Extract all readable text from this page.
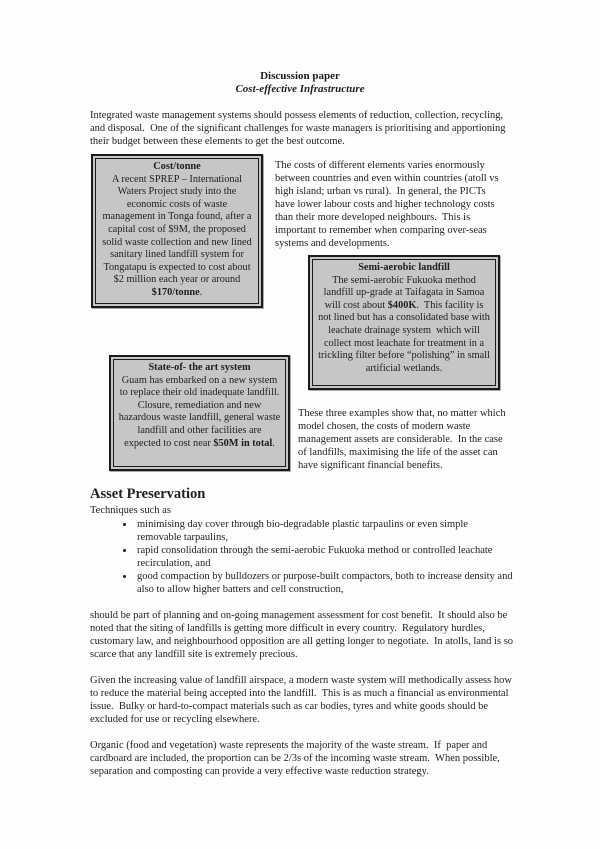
Discussion paper
Cost-effective Infrastructure

Integrated waste management systems should possess elements of reduction, collection, recycling, and disposal.  One of the significant challenges for waste managers is prioritising and apportioning their budget between these elements to get the best outcome.

Cost/tonne
A recent SPREP – International Waters Project study into the economic costs of waste management in Tonga found, after a capital cost of $9M, the proposed solid waste collection and new lined sanitary lined landfill system for Tongatapu is expected to cost about $2 million each year or around $170/tonne.
The costs of different elements varies enormously between countries and even within countries (atoll vs high island; urban vs rural).  In general, the PICTs have lower labour costs and higher technology costs than their more developed neighbours.  This is important to remember when comparing over-seas systems and developments.
Semi-aerobic landfill
The semi-aerobic Fukuoka method landfill up-grade at Taifagata in Samoa will cost about $400K.  This facility is not lined but has a consolidated base with leachate drainage system  which will collect most leachate for treatment in a trickling filter before “polishing” in small artificial wetlands.
State-of- the art system
Guam has embarked on a new system to replace their old inadequate landfill. Closure, remediation and new hazardous waste landfill, general waste landfill and other facilities are expected to cost near $50M in total.
These three examples show that, no matter which model chosen, the costs of modern waste management assets are considerable.  In the case of landfills, maximising the life of the asset can have significant financial benefits.
Asset Preservation
Techniques such as
• minimising day cover through bio-degradable plastic tarpaulins or even simple removable tarpaulins,
• rapid consolidation through the semi-aerobic Fukuoka method or controlled leachate recirculation, and
• good compaction by bulldozers or purpose-built compactors, both to increase density and also to allow higher batters and cell construction,

should be part of planning and on-going management assessment for cost benefit.  It should also be noted that the siting of landfills is getting more difficult in every country.  Regulatory hurdles, customary law, and neighbourhood opposition are all getting longer to negotiate.  In atolls, land is so scarce that any landfill site is extremely precious.

Given the increasing value of landfill airspace, a modern waste system will methodically assess how to reduce the material being accepted into the landfill.  This is as much a financial as environmental issue.  Bulky or hard-to-compact materials such as car bodies, tyres and white goods should be excluded for use or recycling elsewhere.

Organic (food and vegetation) waste represents the majority of the waste stream.  If  paper and cardboard are included, the proportion can be 2/3s of the incoming waste stream.  When possible, separation and composting can provide a very effective waste reduction strategy.
